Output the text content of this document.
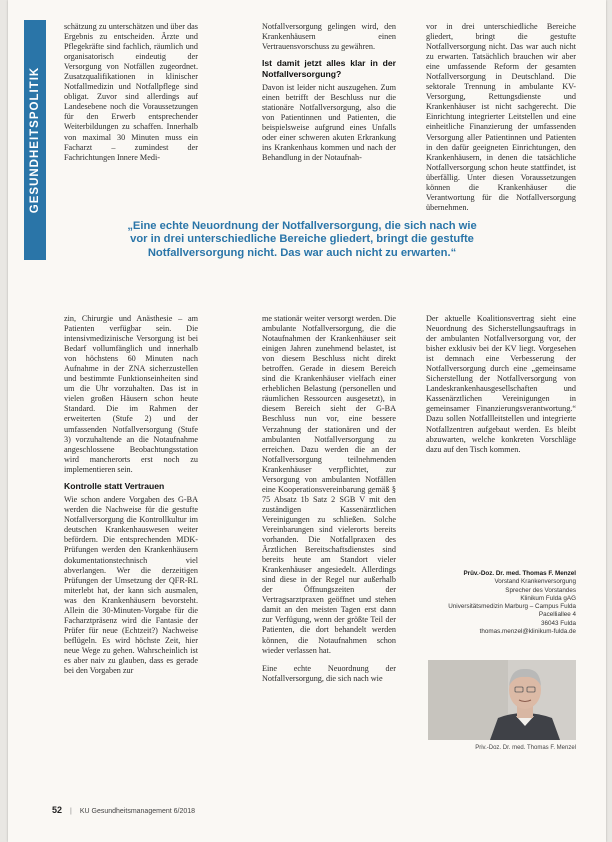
GESUNDHEITSPOLITIK

schätzung zu unterschätzen und über das Ergebnis zu entscheiden. Ärzte und Pflegekräfte sind fachlich, räumlich und organisatorisch eindeutig der Versorgung von Notfällen zugeordnet. Zusatzqualifikationen in klinischer Notfallmedizin und Notfallpflege sind obligat. Zuvor sind allerdings auf Landesebene noch die Voraussetzungen für den Erwerb entsprechender Weiterbildungen zu schaffen. Innerhalb von maximal 30 Minuten muss ein Facharzt – zumindest der Fachrichtungen Innere Medi-

Notfallversorgung gelingen wird, den Krankenhäusern einen Vertrauensvorschuss zu gewähren.

Ist damit jetzt alles klar in der Notfallversorgung?

Davon ist leider nicht auszugehen. Zum einen betrifft der Beschluss nur die stationäre Notfallversorgung, also die von Patientinnen und Patienten, die beispielsweise aufgrund eines Unfalls oder einer schweren akuten Erkrankung ins Krankenhaus kommen und nach der Behandlung in der Notaufnah-

vor in drei unterschiedliche Bereiche gliedert, bringt die gestufte Notfallversorgung nicht. Das war auch nicht zu erwarten. Tatsächlich brauchen wir aber eine umfassende Reform der gesamten Notfallversorgung in Deutschland. Die sektorale Trennung in ambulante KV-Versorgung, Rettungsdienste und Krankenhäuser ist nicht sachgerecht. Die Einrichtung integrierter Leitstellen und eine einheitliche Finanzierung der umfassenden Versorgung aller Patientinnen und Patienten in den dafür geeigneten Einrichtungen, den Krankenhäusern, in denen die tatsächliche Notfallversorgung schon heute stattfindet, ist überfällig. Unter diesen Voraussetzungen können die Krankenhäuser die Verantwortung für die Notfallversorgung übernehmen.

„Eine echte Neuordnung der Notfallversorgung, die sich nach wie vor in drei unterschiedliche Bereiche gliedert, bringt die gestufte Notfallversorgung nicht. Das war auch nicht zu erwarten.“

zin, Chirurgie und Anästhesie – am Patienten verfügbar sein. Die intensivmedizinische Versorgung ist bei Bedarf vollumfänglich und innerhalb von höchstens 60 Minuten nach Aufnahme in der ZNA sicherzustellen und bestimmte Funktionseinheiten sind um die Uhr vorzuhalten. Das ist in vielen großen Häusern schon heute Standard. Die im Rahmen der erweiterten (Stufe 2) und der umfassenden Notfallversorgung (Stufe 3) vorzuhaltende an die Notaufnahme angeschlossene Beobachtungsstation wird mancherorts erst noch zu implementieren sein.

Kontrolle statt Vertrauen

Wie schon andere Vorgaben des G-BA werden die Nachweise für die gestufte Notfallversorgung die Kontrollkultur im deutschen Krankenhauswesen weiter befördern. Die entsprechenden MDK-Prüfungen werden den Krankenhäusern dokumentationstechnisch viel abverlangen. Wer die derzeitigen Prüfungen der Umsetzung der QFR-RL miterlebt hat, der kann sich ausmalen, was den Krankenhäusern bevorsteht. Allein die 30-Minuten-Vorgabe für die Facharztpräsenz wird die Fantasie der Prüfer für neue (Echtzeit?) Nachweise beflügeln. Es wird höchste Zeit, hier neue Wege zu gehen. Wahrscheinlich ist es aber naiv zu glauben, dass es gerade bei den Vorgaben zur

me stationär weiter versorgt werden. Die ambulante Notfallversorgung, die die Notaufnahmen der Krankenhäuser seit einigen Jahren zunehmend belastet, ist von diesem Beschluss nicht direkt betroffen. Gerade in diesem Bereich sind die Krankenhäuser vielfach einer erheblichen Belastung (personellen und räumlichen Ressourcen ausgesetzt), in diesem Bereich sieht der G-BA Beschluss nun vor, eine bessere Verzahnung der stationären und der ambulanten Notfallversorgung zu erreichen. Dazu werden die an der Notfallversorgung teilnehmenden Krankenhäuser verpflichtet, zur Versorgung von ambulanten Notfällen eine Kooperationsvereinbarung gemäß § 75 Absatz 1b Satz 2 SGB V mit den zuständigen Kassenärztlichen Vereinigungen zu schließen. Solche Vereinbarungen sind vielerorts bereits vorhanden. Die Notfallpraxen des Ärztlichen Bereitschaftsdienstes sind bereits heute am Standort vieler Krankenhäuser angesiedelt. Allerdings sind diese in der Regel nur außerhalb der Öffnungszeiten der Vertragsarztpraxen geöffnet und stehen damit an den meisten Tagen erst dann zur Verfügung, wenn der größte Teil der Patienten, die dort behandelt werden können, die Notaufnahmen schon wieder verlassen hat.

Eine echte Neuordnung der Notfallversorgung, die sich nach wie

Der aktuelle Koalitionsvertrag sieht eine Neuordnung des Sicherstellungsauftrags in der ambulanten Notfallversorgung vor, der bisher exklusiv bei der KV liegt. Vorgesehen ist demnach eine Verbesserung der Notfallversorgung durch eine „gemeinsame Sicherstellung der Notfallversorgung von Landeskrankenhausgesellschaften und Kassenärztlichen Vereinigungen in gemeinsamer Finanzierungsverantwortung.“ Dazu sollen Notfallleitstellen und integrierte Notfallzentren aufgebaut werden. Es bleibt abzuwarten, welche konkreten Vorschläge dazu auf den Tisch kommen.

Prüv.-Doz. Dr. med. Thomas F. Menzel
Vorstand Krankenversorgung
Sprecher des Vorstandes
Klinikum Fulda gAG
Universitätsmedizin Marburg – Campus Fulda
Pacelliallee 4
36043 Fulda
thomas.menzel@klinikum-fulda.de
Priv.-Doz. Dr. med. Thomas F. Menzel
52 | KU Gesundheitsmanagement 6/2018
